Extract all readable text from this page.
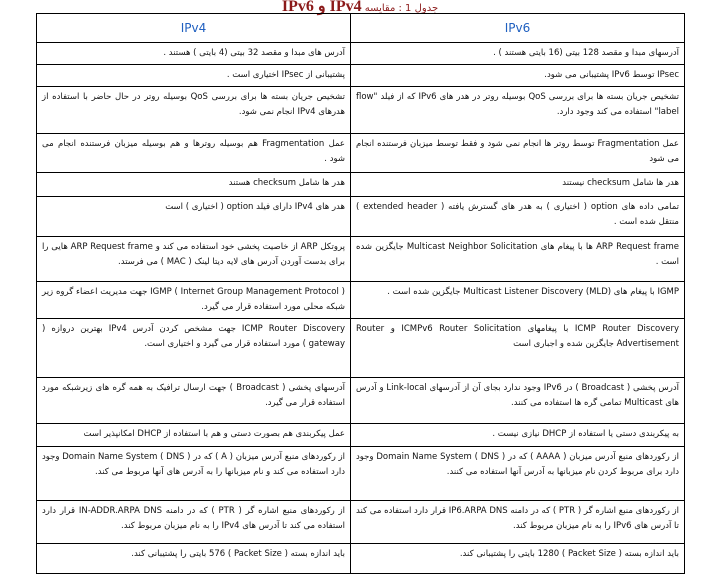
جدول 1 : مقایسه IPv4 و IPv6
IPv6	IPv4
آدرسهای مبدا و مقصد 128 بیتی (16 بایتی هستند ) .	آدرس های مبدا و مقصد 32 بیتی (4 بایتی ) هستند .
IPsec توسط IPv6 پشتیبانی می شود.	پشتیبانی از IPsec اختیاری است .
تشخیص جریان بسته ها برای بررسی QoS بوسیله روتر در هدر های IPv6 که از فیلد "flow label" استفاده می کند وجود دارد.	تشخیص جریان بسته ها برای بررسی QoS بوسیله روتر در حال حاضر با استفاده از هدرهای IPv4 انجام نمی شود.
عمل Fragmentation توسط روتر ها انجام نمی شود و فقط توسط میزبان فرستنده انجام می شود	عمل Fragmentation هم بوسیله روترها و هم بوسیله میزبان فرستنده انجام می شود .
هدر ها شامل checksum نیستند	هدر ها شامل checksum هستند
تمامی داده های option ( اختیاری ) به هدر های گسترش یافته ( extended header ) منتقل شده است .	هدر های IPv4 دارای فیلد option ( اختیاری ) است
ARP Request frame ها با پیغام های Multicast Neighbor Solicitation جایگزین شده است .	پروتکل ARP از خاصیت پخشی خود استفاده می کند و ARP Request frame هایی را برای بدست آوردن آدرس های لایه دیتا لینک ( MAC ) می فرستد.
IGMP با پیغام های Multicast Listener Discovery (MLD) جایگزین شده است .	IGMP ( Internet Group Management Protocol ) جهت مدیریت اعضاء گروه زیر شبکه محلی مورد استفاده قرار می گیرد.
ICMP Router Discovery با پیغامهای ICMPv6 Router Solicitation و Router Advertisement جایگزین شده و اجباری است	ICMP Router Discovery جهت مشخص کردن آدرس IPv4 بهترین دروازه ( gateway ) مورد استفاده قرار می گیرد و اختیاری است.
آدرس پخشی ( Broadcast ) در IPv6 وجود ندارد بجای آن از آدرسهای Link-local و آدرس های Multicast تمامی گره ها استفاده می کنند.	آدرسهای پخشی ( Broadcast ) جهت ارسال ترافیک به همه گره های زیرشبکه مورد استفاده قرار می گیرد.
به پیکربندی دستی یا استفاده از DHCP نیازی نیست .	عمل پیکربندی هم بصورت دستی و هم با استفاده از DHCP امکانپذیر است
از رکوردهای منبع آدرس میزبان ( AAAA ) که در Domain Name System ( DNS ) وجود دارد برای مربوط کردن نام میزبانها به آدرس آنها استفاده می کنند.	از رکوردهای منبع آدرس میزبان ( A ) که در Domain Name System ( DNS ) وجود دارد استفاده می کند و نام میزبانها را به آدرس های آنها مربوط می کند.
از رکوردهای منبع اشاره گر ( PTR ) که در دامنه IP6.ARPA DNS قرار دارد استفاده می کند تا آدرس های IPv6 را به نام میزبان مربوط کند.	از رکوردهای منبع اشاره گر ( PTR ) که در دامنه IN-ADDR.ARPA DNS قرار دارد استفاده می کند تا آدرس های IPv4 را به نام میزبان مربوط کند.
باید اندازه بسته ( Packet Size ) 1280 بایتی را پشتیبانی کند.	باید اندازه بسته ( Packet Size ) 576 بایتی را پشتیبانی کند.
